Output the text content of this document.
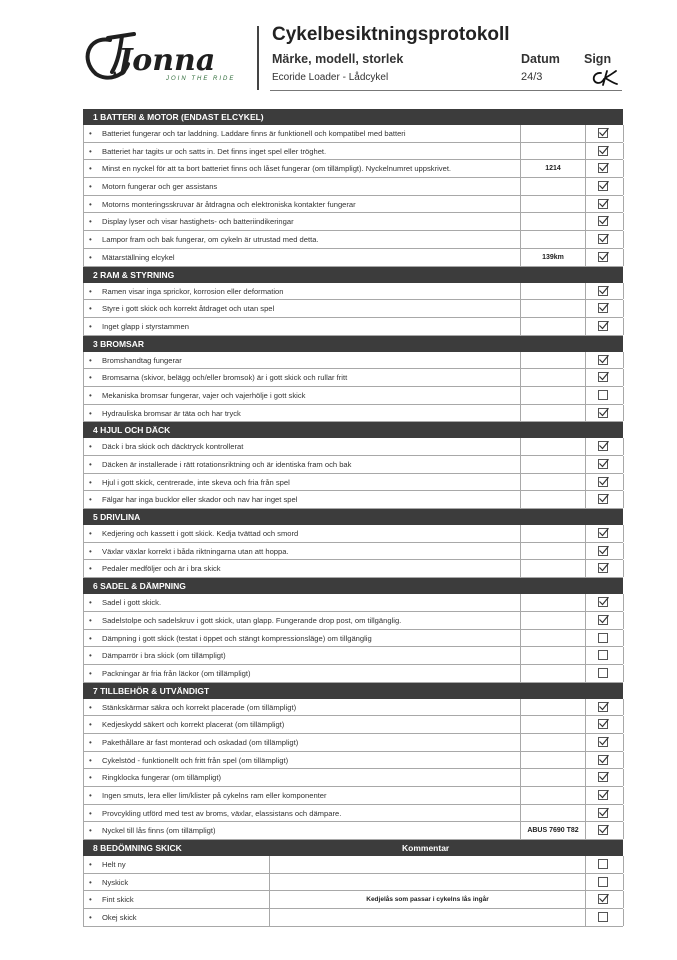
Jonna
JOIN THE RIDE
Cykelbesiktningsprotokoll
Märke, modell, storlek	Datum Sign
Ecoride Loader - Lådcykel	24/3
1 BATTERI & MOTOR (ENDAST ELCYKEL)
• Batteriet fungerar och tar laddning. Laddare finns är funktionell och kompatibel med batteri
• Batteriet har tagits ur och satts in. Det finns inget spel eller tröghet.
• Minst en nyckel för att ta bort batteriet finns och låset fungerar (om tillämpligt). Nyckelnumret uppskrivet.	1214
• Motorn fungerar och ger assistans
• Motorns monteringsskruvar är åtdragna och elektroniska kontakter fungerar
• Display lyser och visar hastighets- och batteriindikeringar
• Lampor fram och bak fungerar, om cykeln är utrustad med detta.
• Mätarställning elcykel	139km
2 RAM & STYRNING
• Ramen visar inga sprickor, korrosion eller deformation
• Styre i gott skick och korrekt åtdraget och utan spel
• Inget glapp i styrstammen
3 BROMSAR
• Bromshandtag fungerar
• Bromsarna (skivor, belägg och/eller bromsok) är i gott skick och rullar fritt
• Mekaniska bromsar fungerar, vajer och vajerhölje i gott skick
• Hydrauliska bromsar är täta och har tryck
4 HJUL OCH DÄCK
• Däck i bra skick och däcktryck kontrollerat
• Däcken är installerade i rätt rotationsriktning och är identiska fram och bak
• Hjul i gott skick, centrerade, inte skeva och fria från spel
• Fälgar har inga bucklor eller skador och nav har inget spel
5 DRIVLINA
• Kedjering och kassett i gott skick. Kedja tvättad och smord
• Växlar växlar korrekt i båda riktningarna utan att hoppa.
• Pedaler medföljer och är i bra skick
6 SADEL & DÄMPNING
• Sadel i gott skick.
• Sadelstolpe och sadelskruv i gott skick, utan glapp. Fungerande drop post, om tillgänglig.
• Dämpning i gott skick (testat i öppet och stängt kompressionsläge) om tillgänglig
• Dämparrör i bra skick (om tillämpligt)
• Packningar är fria från läckor (om tillämpligt)
7 TILLBEHÖR & UTVÄNDIGT
• Stänkskärmar säkra och korrekt placerade (om tillämpligt)
• Kedjeskydd säkert och korrekt placerat (om tillämpligt)
• Pakethållare är fast monterad och oskadad (om tillämpligt)
• Cykelstöd - funktionellt och fritt från spel (om tillämpligt)
• Ringklocka fungerar (om tillämpligt)
• Ingen smuts, lera eller lim/klister på cykelns ram eller komponenter
• Provcykling utförd med test av broms, växlar, elassistans och dämpare.
• Nyckel till lås finns (om tillämpligt)	ABUS 7690 T82
8 BEDÖMNING SKICK	Kommentar
• Helt ny
• Nyskick
• Fint skick	Kedjelås som passar i cykelns lås ingår
• Okej skick
